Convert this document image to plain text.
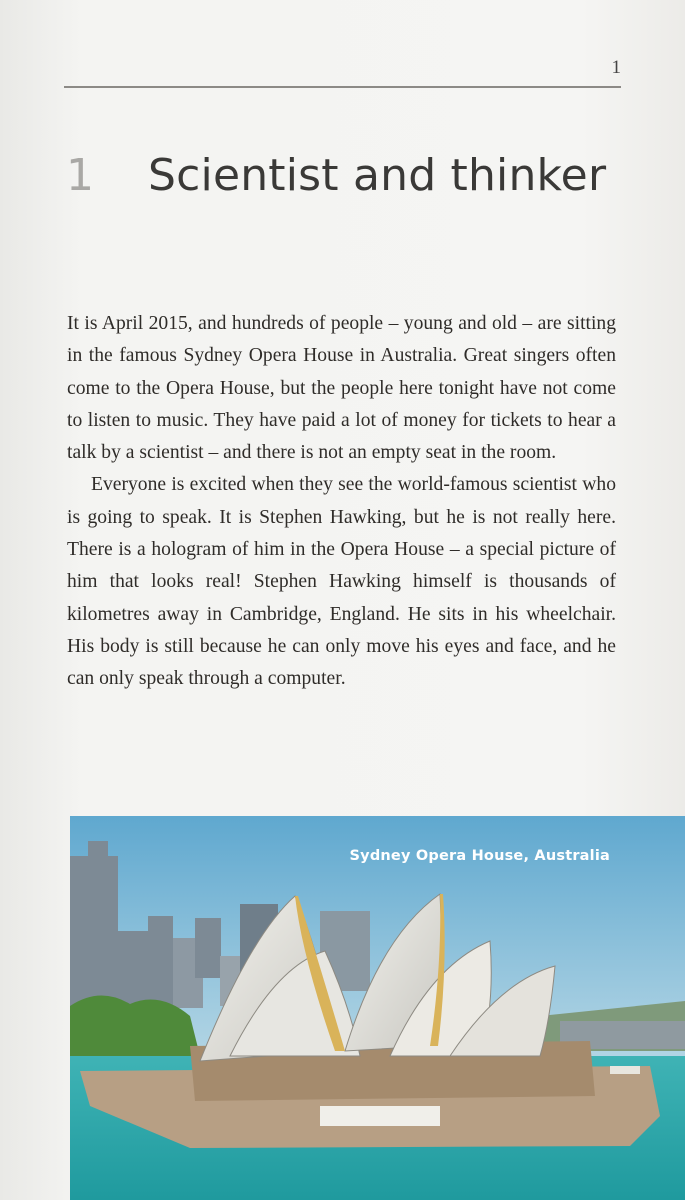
1
1	Scientist and thinker

It is April 2015, and hundreds of people – young and old – are sitting in the famous Sydney Opera House in Australia. Great singers often come to the Opera House, but the people here tonight have not come to listen to music. They have paid a lot of money for tickets to hear a talk by a scientist – and there is not an empty seat in the room.

Everyone is excited when they see the world-famous scientist who is going to speak. It is Stephen Hawking, but he is not really here. There is a hologram of him in the Opera House – a special picture of him that looks real! Stephen Hawking himself is thousands of kilometres away in Cambridge, England. He sits in his wheelchair. His body is still because he can only move his eyes and face, and he can only speak through a computer.

Sydney Opera House, Australia
